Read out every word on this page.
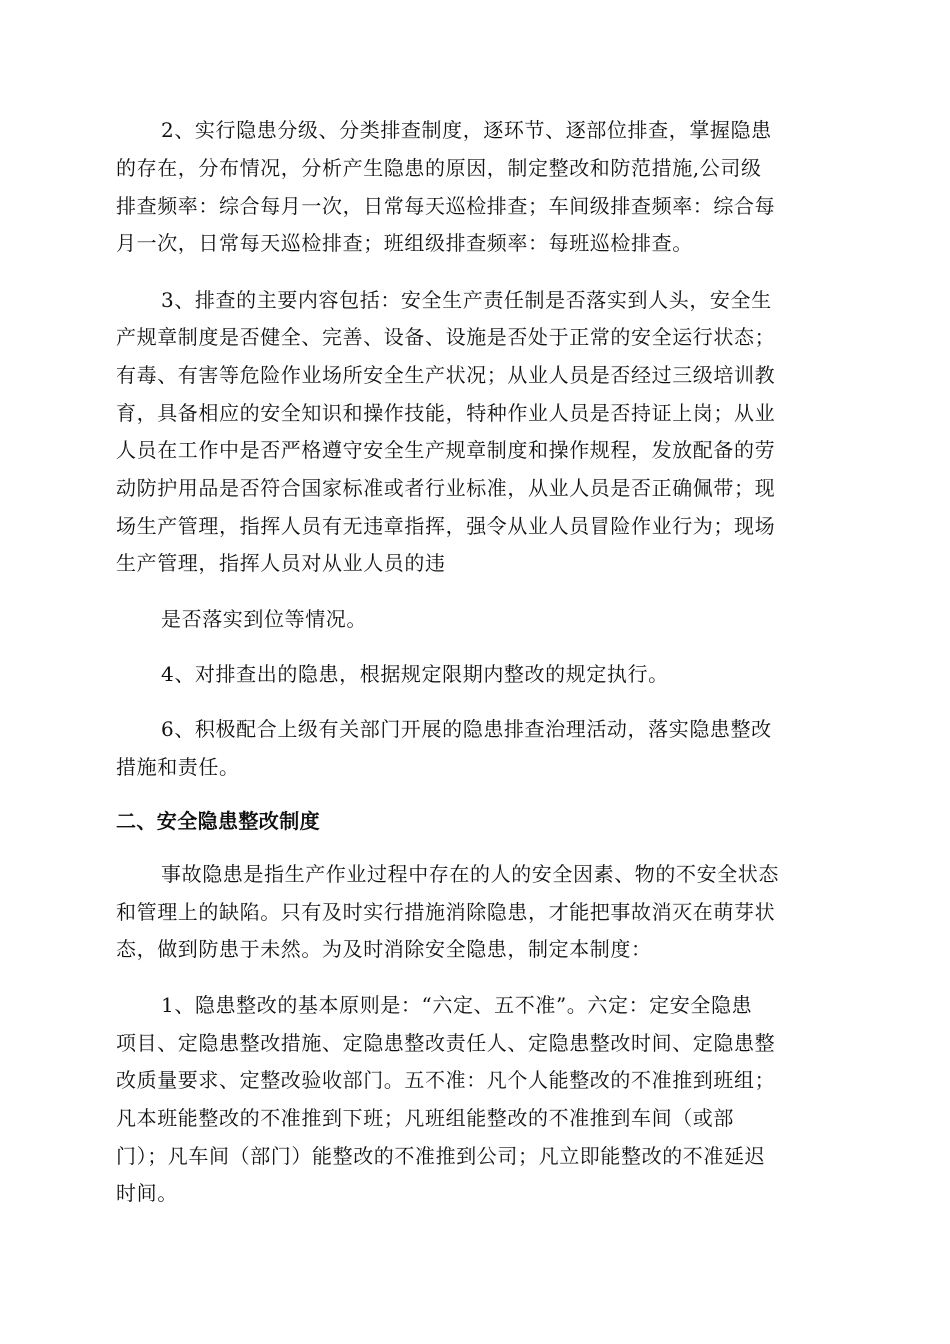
2、实行隐患分级、分类排查制度，逐环节、逐部位排查，掌握隐患

的存在，分布情况，分析产生隐患的原因，制定整改和防范措施,公司级

排查频率：综合每月一次，日常每天巡检排查；车间级排查频率：综合每

月一次，日常每天巡检排查；班组级排查频率：每班巡检排查。

3、排查的主要内容包括：安全生产责任制是否落实到人头，安全生

产规章制度是否健全、完善、设备、设施是否处于正常的安全运行状态；

有毒、有害等危险作业场所安全生产状况；从业人员是否经过三级培训教

育，具备相应的安全知识和操作技能，特种作业人员是否持证上岗；从业

人员在工作中是否严格遵守安全生产规章制度和操作规程，发放配备的劳

动防护用品是否符合国家标准或者行业标准，从业人员是否正确佩带；现

场生产管理，指挥人员有无违章指挥，强令从业人员冒险作业行为；现场

生产管理，指挥人员对从业人员的违

是否落实到位等情况。

4、对排查出的隐患，根据规定限期内整改的规定执行。

6、积极配合上级有关部门开展的隐患排查治理活动，落实隐患整改

措施和责任。

二、安全隐患整改制度

事故隐患是指生产作业过程中存在的人的安全因素、物的不安全状态

和管理上的缺陷。只有及时实行措施消除隐患，才能把事故消灭在萌芽状

态，做到防患于未然。为及时消除安全隐患，制定本制度：

1、隐患整改的基本原则是：“六定、五不准”。六定：定安全隐患

项目、定隐患整改措施、定隐患整改责任人、定隐患整改时间、定隐患整

改质量要求、定整改验收部门。五不准：凡个人能整改的不准推到班组；

凡本班能整改的不准推到下班；凡班组能整改的不准推到车间（或部

门）；凡车间（部门）能整改的不准推到公司；凡立即能整改的不准延迟

时间。
